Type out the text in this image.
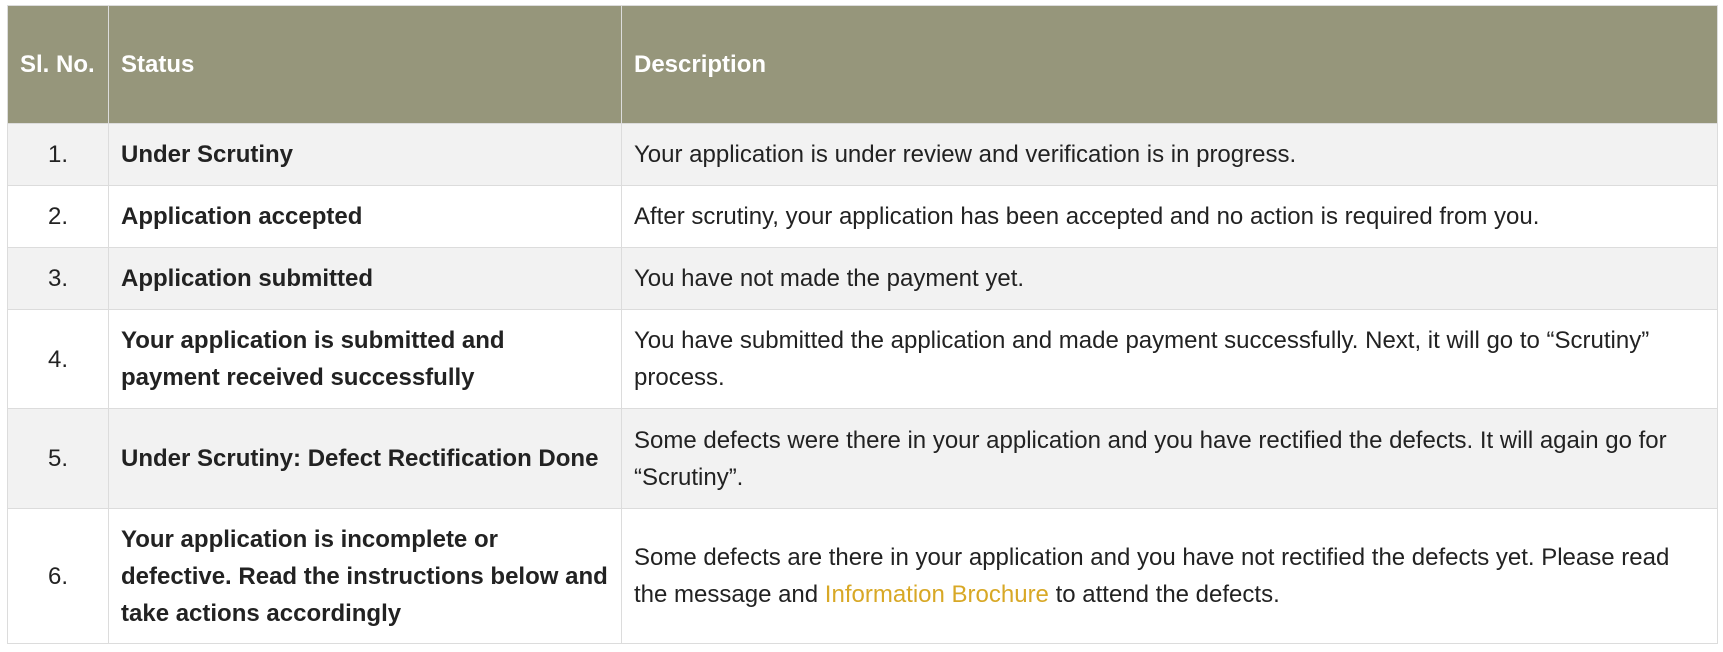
Sl. No.	Status	Description
1.	Under Scrutiny	Your application is under review and verification is in progress.
2.	Application accepted	After scrutiny, your application has been accepted and no action is required from you.
3.	Application submitted	You have not made the payment yet.
4.	Your application is submitted and payment received successfully	You have submitted the application and made payment successfully. Next, it will go to “Scrutiny” process.
5.	Under Scrutiny: Defect Rectification Done	Some defects were there in your application and you have rectified the defects. It will again go for “Scrutiny”.
6.	Your application is incomplete or defective. Read the instructions below and take actions accordingly	Some defects are there in your application and you have not rectified the defects yet. Please read the message and Information Brochure to attend the defects.
